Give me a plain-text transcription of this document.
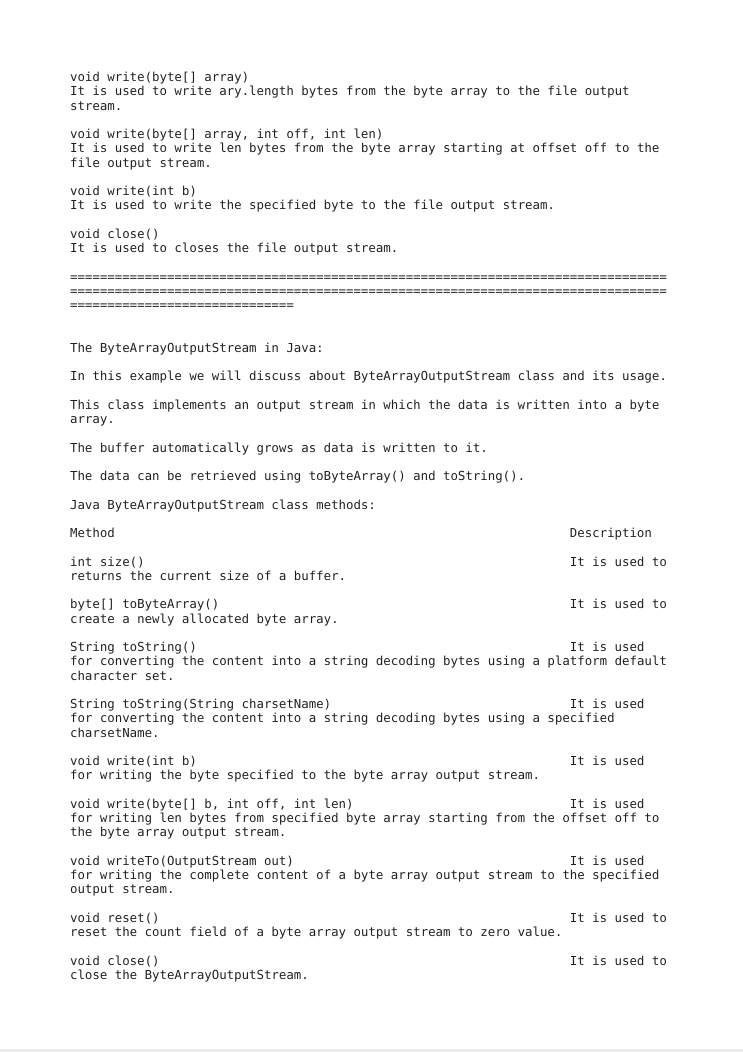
void write(byte[] array)
It is used to write ary.length bytes from the byte array to the file output
stream.
void write(byte[] array, int off, int len)
It is used to write len bytes from the byte array starting at offset off to the
file output stream.
void write(int b)
It is used to write the specified byte to the file output stream.
void close()
It is used to closes the file output stream.
================================================================================
================================================================================
==============================
The ByteArrayOutputStream in Java:
In this example we will discuss about ByteArrayOutputStream class and its usage.
This class implements an output stream in which the data is written into a byte
array.
The buffer automatically grows as data is written to it.
The data can be retrieved using toByteArray() and toString().
Java ByteArrayOutputStream class methods:
Method	Description
int size()	It is used to
returns the current size of a buffer.
byte[] toByteArray()	It is used to
create a newly allocated byte array.
String toString()	It is used
for converting the content into a string decoding bytes using a platform default
character set.
String toString(String charsetName)	It is used
for converting the content into a string decoding bytes using a specified
charsetName.
void write(int b)	It is used
for writing the byte specified to the byte array output stream.
void write(byte[] b, int off, int len)	It is used
for writing len bytes from specified byte array starting from the offset off to
the byte array output stream.
void writeTo(OutputStream out)	It is used
for writing the complete content of a byte array output stream to the specified
output stream.
void reset()	It is used to
reset the count field of a byte array output stream to zero value.
void close()	It is used to
close the ByteArrayOutputStream.
